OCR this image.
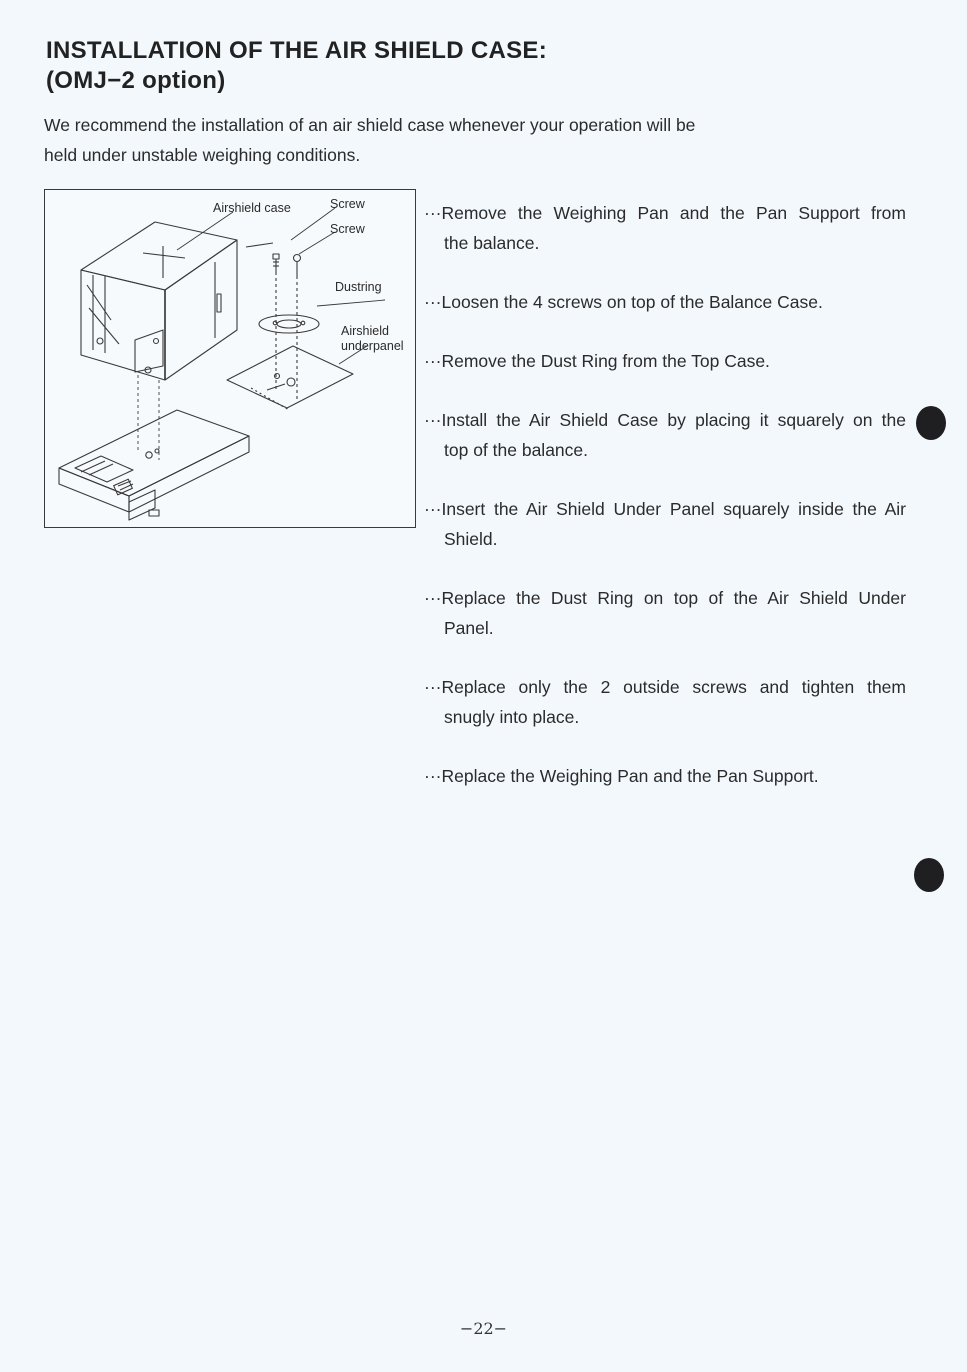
INSTALLATION OF THE AIR SHIELD CASE:
(OMJ−2 option)
We recommend the installation of an air shield case whenever your operation will be
held under unstable weighing conditions.
Airshield case	Screw
Screw
Dustring
Airshield
underpanel
···Remove the Weighing Pan and the Pan Support from
the balance.
···Loosen the 4 screws on top of the Balance Case.
···Remove the Dust Ring from the Top Case.
···Install the Air Shield Case by placing it squarely on the
top of the balance.
···Insert the Air Shield Under Panel squarely inside the Air
Shield.
···Replace the Dust Ring on top of the Air Shield Under
Panel.
···Replace only the 2 outside screws and tighten them
snugly into place.
···Replace the Weighing Pan and the Pan Support.
−22−
